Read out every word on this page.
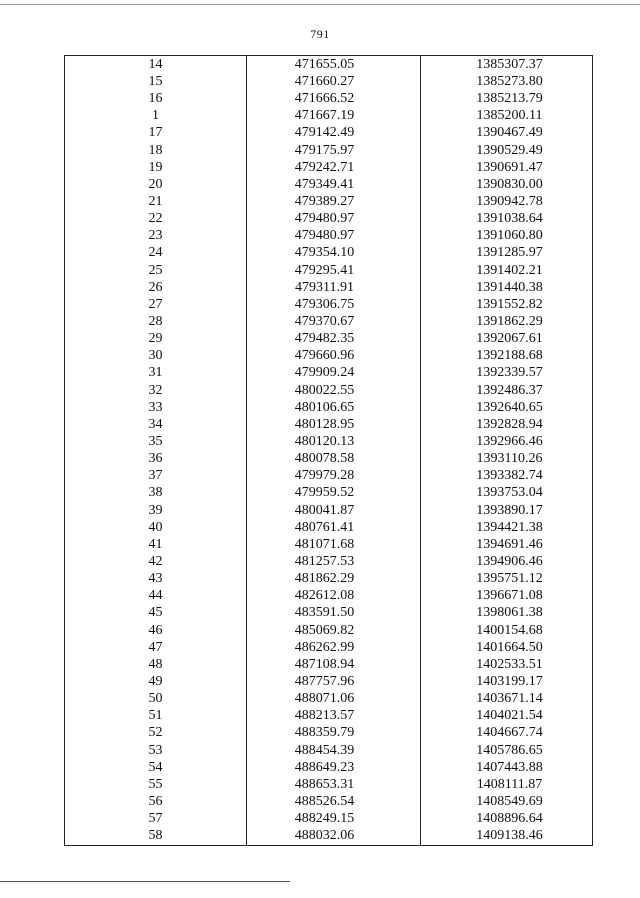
791
14	471655.05	1385307.37
15	471660.27	1385273.80
16	471666.52	1385213.79
1	471667.19	1385200.11
17	479142.49	1390467.49
18	479175.97	1390529.49
19	479242.71	1390691.47
20	479349.41	1390830.00
21	479389.27	1390942.78
22	479480.97	1391038.64
23	479480.97	1391060.80
24	479354.10	1391285.97
25	479295.41	1391402.21
26	479311.91	1391440.38
27	479306.75	1391552.82
28	479370.67	1391862.29
29	479482.35	1392067.61
30	479660.96	1392188.68
31	479909.24	1392339.57
32	480022.55	1392486.37
33	480106.65	1392640.65
34	480128.95	1392828.94
35	480120.13	1392966.46
36	480078.58	1393110.26
37	479979.28	1393382.74
38	479959.52	1393753.04
39	480041.87	1393890.17
40	480761.41	1394421.38
41	481071.68	1394691.46
42	481257.53	1394906.46
43	481862.29	1395751.12
44	482612.08	1396671.08
45	483591.50	1398061.38
46	485069.82	1400154.68
47	486262.99	1401664.50
48	487108.94	1402533.51
49	487757.96	1403199.17
50	488071.06	1403671.14
51	488213.57	1404021.54
52	488359.79	1404667.74
53	488454.39	1405786.65
54	488649.23	1407443.88
55	488653.31	1408111.87
56	488526.54	1408549.69
57	488249.15	1408896.64
58	488032.06	1409138.46
